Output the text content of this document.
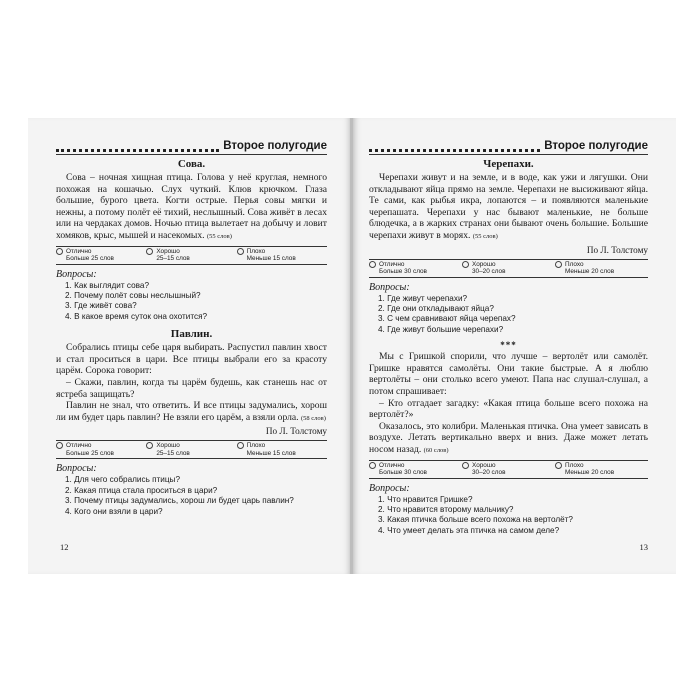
Второе полугодие
Сова.

Сова – ночная хищная птица. Голова у неё круглая, немного похожая на кошачью. Слух чуткий. Клюв крючком. Глаза большие, бурого цвета. Когти острые. Перья совы мягки и нежны, а потому полёт её тихий, неслышный. Сова живёт в лесах или на чердаках домов. Ночью птица вылетает на добычу и ловит хомяков, крыс, мышей и насекомых. (55 слов)

Отлично
Больше 25 слов
Хорошо
25–15 слов
Плохо
Меньше 15 слов
Вопросы:
1. Как выглядит сова?
2. Почему полёт совы неслышный?
3. Где живёт сова?
4. В какое время суток она охотится?
Павлин.

Собрались птицы себе царя выбирать. Распустил павлин хвост и стал проситься в цари. Все птицы выбрали его за красоту царём. Сорока говорит:

– Скажи, павлин, когда ты царём будешь, как станешь нас от ястреба защищать?

Павлин не знал, что ответить. И все птицы задумались, хорош ли им будет царь павлин? Не взяли его царём, а взяли орла. (58 слов)

По Л. Толстому
Отлично
Больше 25 слов
Хорошо
25–15 слов
Плохо
Меньше 15 слов
Вопросы:
1. Для чего собрались птицы?
2. Какая птица стала проситься в цари?
3. Почему птицы задумались, хорош ли будет царь павлин?
4. Кого они взяли в цари?
12
Второе полугодие
Черепахи.

Черепахи живут и на земле, и в воде, как ужи и лягушки. Они откладывают яйца прямо на земле. Черепахи не высиживают яйца. Те сами, как рыбья икра, лопаются – и появляются маленькие черепашата. Черепахи у нас бывают маленькие, не больше блюдечка, а в жарких странах они бывают очень большие. Большие черепахи живут в морях. (55 слов)

По Л. Толстому
Отлично
Больше 30 слов
Хорошо
30–20 слов
Плохо
Меньше 20 слов
Вопросы:
1. Где живут черепахи?
2. Где они откладывают яйца?
3. С чем сравнивают яйца черепах?
4. Где живут большие черепахи?
***

Мы с Гришкой спорили, что лучше – вертолёт или самолёт. Гришке нравятся самолёты. Они такие быстрые. А я люблю вертолёты – они столько всего умеют. Папа нас слушал-слушал, а потом спрашивает:

– Кто отгадает загадку: «Какая птица больше всего похожа на вертолёт?»

Оказалось, это колибри. Маленькая птичка. Она умеет зависать в воздухе. Летать вертикально вверх и вниз. Даже может летать носом назад. (60 слов)

Отлично
Больше 30 слов
Хорошо
30–20 слов
Плохо
Меньше 20 слов
Вопросы:
1. Что нравится Гришке?
2. Что нравится второму мальчику?
3. Какая птичка больше всего похожа на вертолёт?
4. Что умеет делать эта птичка на самом деле?
13
